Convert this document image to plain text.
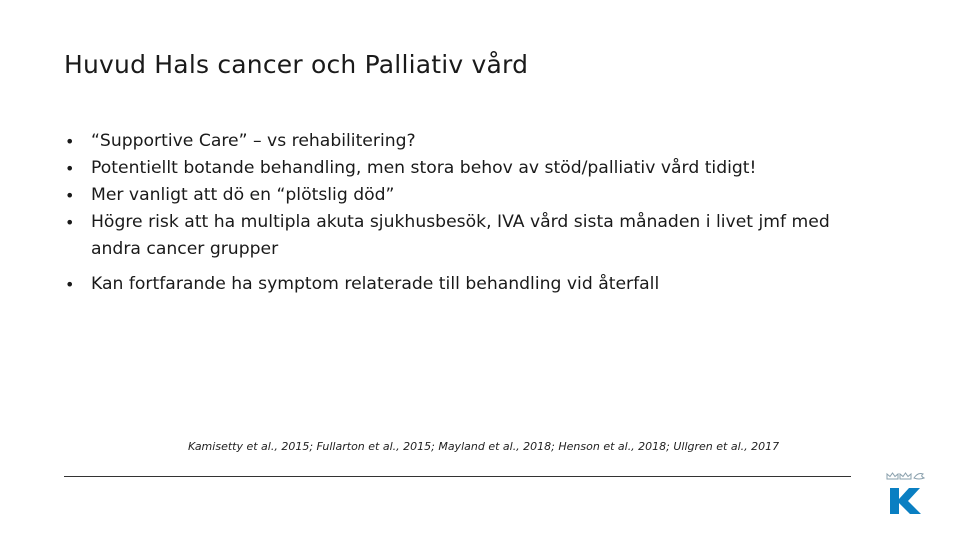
Huvud Hals cancer och Palliativ vård
• “Supportive Care” – vs rehabilitering?
• Potentiellt botande behandling, men stora behov av stöd/palliativ vård tidigt!
• Mer vanligt att dö en “plötslig död”
• Högre risk att ha multipla akuta sjukhusbesök, IVA vård sista månaden i livet jmf med andra cancer grupper
• Kan fortfarande ha symptom relaterade till behandling vid återfall
Kamisetty et al., 2015; Fullarton et al., 2015; Mayland et al., 2018; Henson et al., 2018; Ullgren et al., 2017
